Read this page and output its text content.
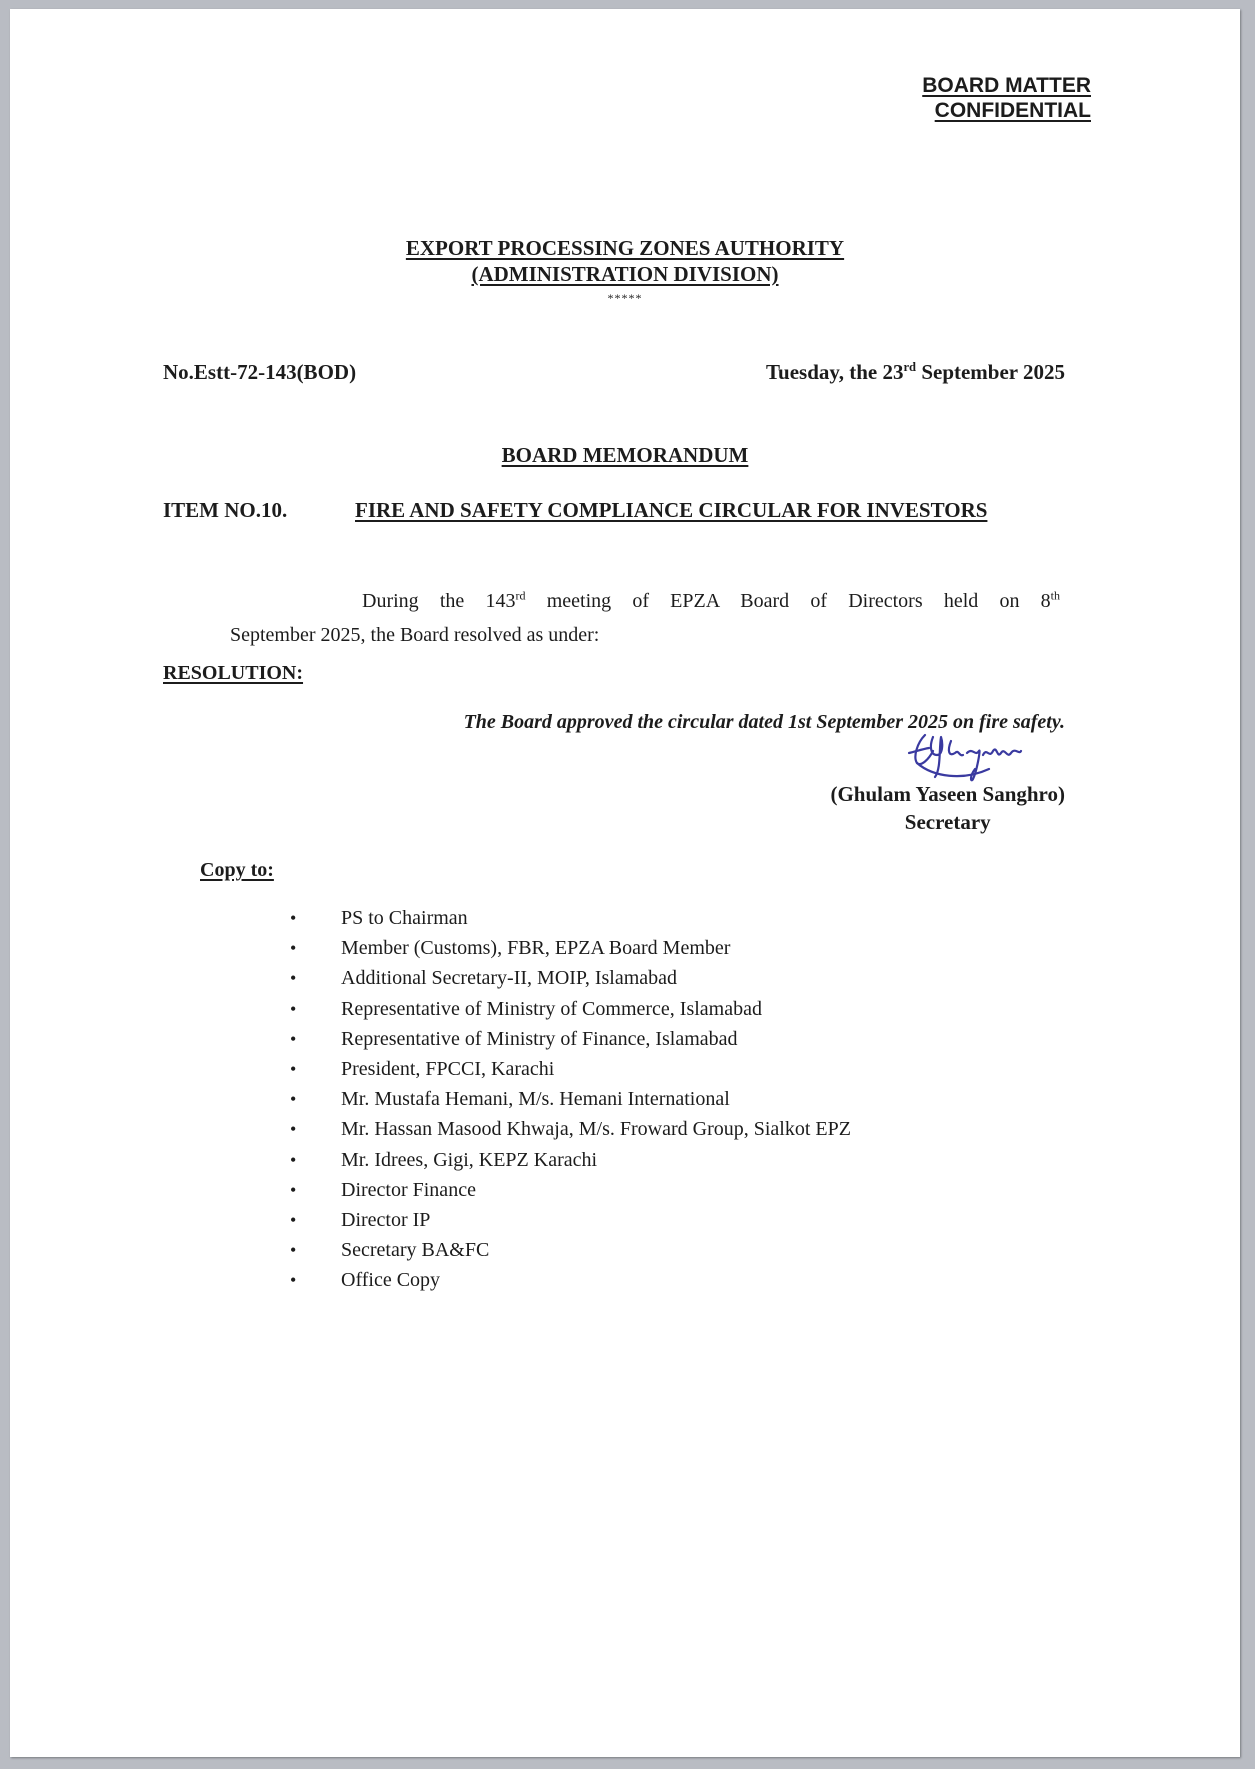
BOARD MATTER
CONFIDENTIAL
EXPORT PROCESSING ZONES AUTHORITY
(ADMINISTRATION DIVISION)
*****
No.Estt-72-143(BOD)	Tuesday, the 23rd September 2025
BOARD MEMORANDUM
ITEM NO.10.	FIRE AND SAFETY COMPLIANCE CIRCULAR FOR INVESTORS
During the 143rd meeting of EPZA Board of Directors held on 8th
September 2025, the Board resolved as under:
RESOLUTION:
The Board approved the circular dated 1st September 2025 on fire safety.
(Ghulam Yaseen Sanghro)
Secretary
Copy to:
• PS to Chairman
• Member (Customs), FBR, EPZA Board Member
• Additional Secretary-II, MOIP, Islamabad
• Representative of Ministry of Commerce, Islamabad
• Representative of Ministry of Finance, Islamabad
• President, FPCCI, Karachi
• Mr. Mustafa Hemani, M/s. Hemani International
• Mr. Hassan Masood Khwaja, M/s. Froward Group, Sialkot EPZ
• Mr. Idrees, Gigi, KEPZ Karachi
• Director Finance
• Director IP
• Secretary BA&FC
• Office Copy
